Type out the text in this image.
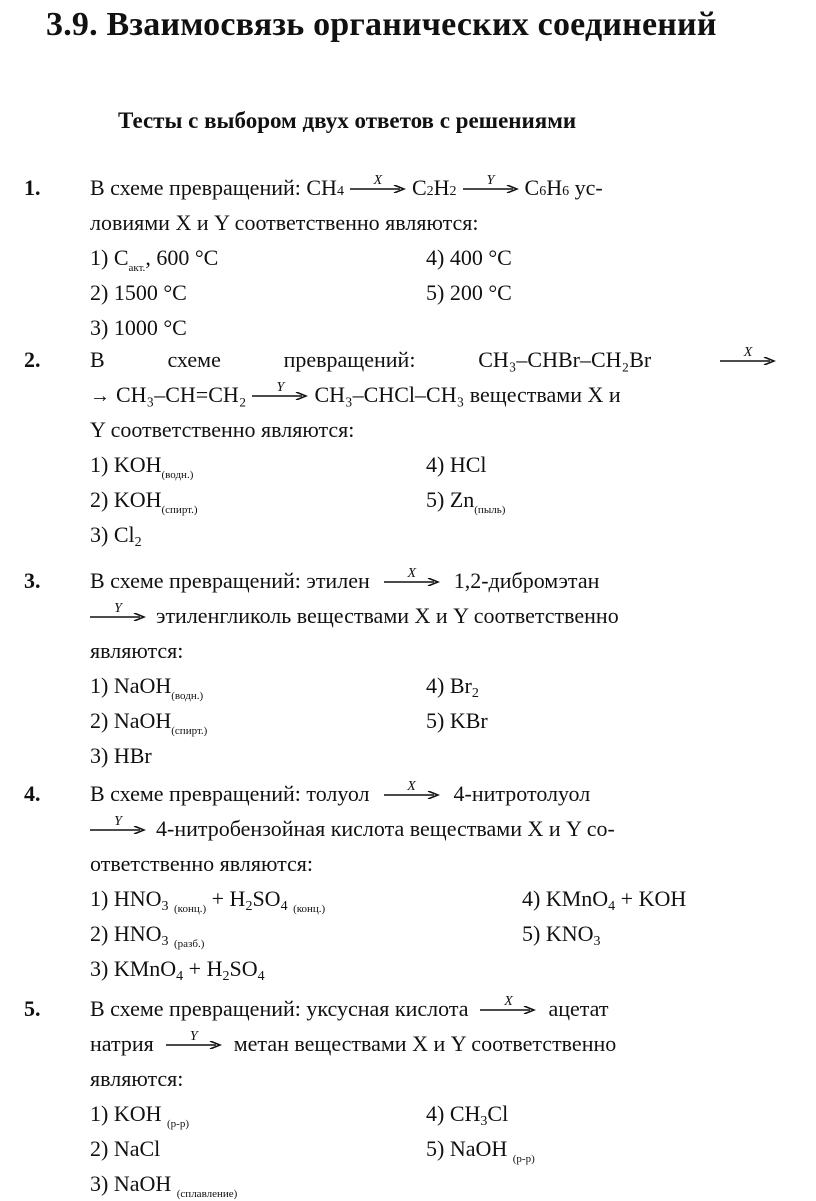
3.9. Взаимосвязь органических соединений
Тесты с выбором двух ответов с решениями
1.	В схеме превращений: CH 4
X	C 2 H 2
Y	C 6 H 6 ус-
ловиями X и Y соответственно являются:
1) $C_{акт.}$, 600 °C
2) 1500 °C
3) 1000 °C
4) 400 °C
5) 200 °C
2.	В	схеме	превращений:	CH₃–CHBr–CH₂Br	X
→ CH₃–CH=CH₂	Y	CH₃–CHCl–CH₃ веществами X и
Y соответственно являются:
1) $KOH_{(водн.)}$
2) $KOH_{(спирт.)}$
3) $Cl_2$
4) HCl
5) $Zn_{(пыль)}$
3.	В схеме превращений: этилен	X	1,2-дибромэтан
Y	этиленгликоль веществами X и Y соответственно
являются:
1) NaOH$_{(водн.)}$
2) NaOH$_{(спирт.)}$
3) HBr
4) $Br_2$
5) KBr
4.	В схеме превращений: толуол	X	4-нитротолуол
Y	4-нитробензойная кислота веществами X и Y со-
ответственно являются:
1) $HNO_3$ $_{(конц.)} + H_2SO_4$ $_{(конц.)}$
2) $HNO_3$ $_{(разб.)}$
3) KMnO$_4$ + $H_2SO_4$
4) KMnO$_4$ + KOH
5) $KNO_3$
5.	В схеме превращений: уксусная кислота	X	ацетат
натрия	Y	метан веществами X и Y соответственно
являются:
1) KOH $_{(р-р)}$
2) NaCl
3) NaOH $_{(сплавление)}$
4) $CH_3Cl$
5) NaOH $_{(р-р)}$
